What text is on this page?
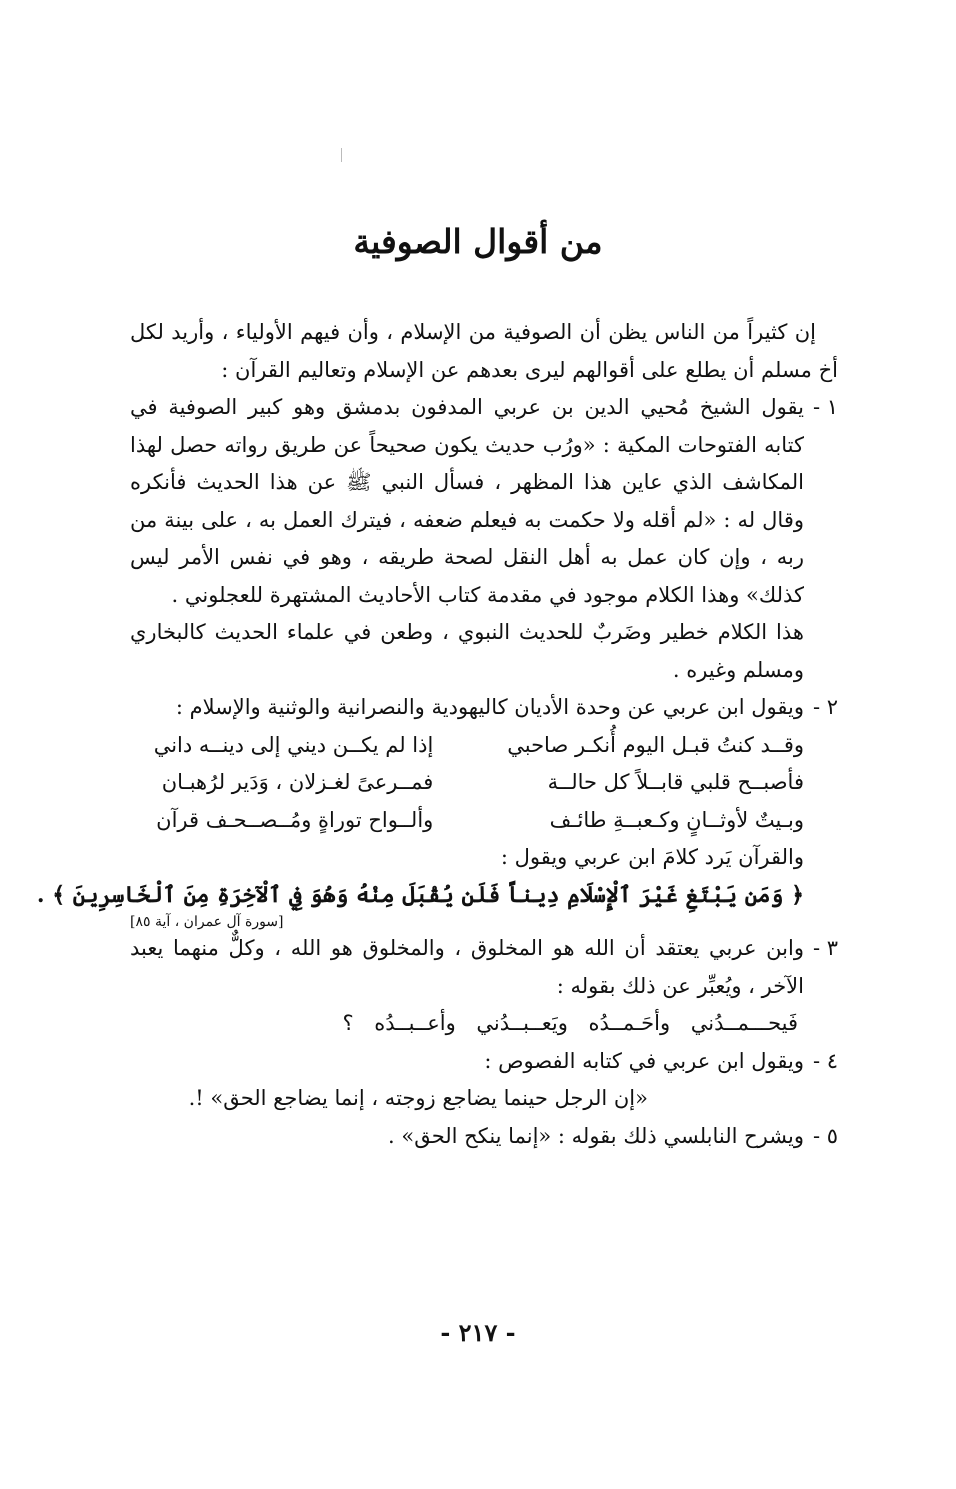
من أقوال الصوفية

إن كثيراً من الناس يظن أن الصوفية من الإسلام ، وأن فيهم الأولياء ، وأريد لكل أخ مسلم أن يطلع على أقوالهم ليرى بعدهم عن الإسلام وتعاليم القرآن :

١ -
يقول الشيخ مُحيي الدين بن عربي المدفون بدمشق وهو كبير الصوفية في كتابه الفتوحات المكية : «ورُب حديث يكون صحيحاً عن طريق رواته حصل لهذا المكاشف الذي عاين هذا المظهر ، فسأل النبي ﷺ عن هذا الحديث فأنكره وقال له : «لم أقله ولا حكمت به فيعلم ضعفه ، فيترك العمل به ، على بينة من ربه ، وإن كان عمل به أهل النقل لصحة طريقه ، وهو في نفس الأمر ليس كذلك» وهذا الكلام موجود في مقدمة كتاب الأحاديث المشتهرة للعجلوني .

هذا الكلام خطير وضَربٌ للحديث النبوي ، وطعن في علماء الحديث كالبخاري ومسلم وغيره .

٢ -
ويقول ابن عربي عن وحدة الأديان كاليهودية والنصرانية والوثنية والإسلام :
وقــد كنتُ قبـل اليوم أُنكـر صاحبي
إذا لم يكــن ديني إلى دينــه داني
فأصبــح قلبي قابــلاً كل حالــة
فمــرعىً لغـزلان ، وَدَير لرُهبـان
وبـيتٌ لأوثــانٍ وكـعبــةِ طائـف
وألــواح توراةٍ ومُــصــحـف قرآن

والقرآن يَرد كلامَ ابن عربي ويقول :

﴿ وَمَن يَبْتَغِ غَيْرَ ٱلْإِسْلَامِ دِيناً فَلَن يُقْبَلَ مِنْهُ وَهُوَ فِي ٱلْآخِرَةِ مِنَ ٱلْخَاسِرِينَ ﴾ .

[سورة آل عمران ، آية ٨٥]

٣ -
وابن عربي يعتقد أن الله هو المخلوق ، والمخلوق هو الله ، وكلٌّ منهما يعبد الآخر ، ويُعبِّر عن ذلك بقوله :

فَيحـــمــدُني وأحَـمــدُه ويَعــبــدُني وأعــبــدُه ؟

٤ -
ويقول ابن عربي في كتابه الفصوص :

«إن الرجل حينما يضاجع زوجته ، إنما يضاجع الحق» !.

٥ -
ويشرح النابلسي ذلك بقوله : «إنما ينكح الحق» .
- ٢١٧ -
